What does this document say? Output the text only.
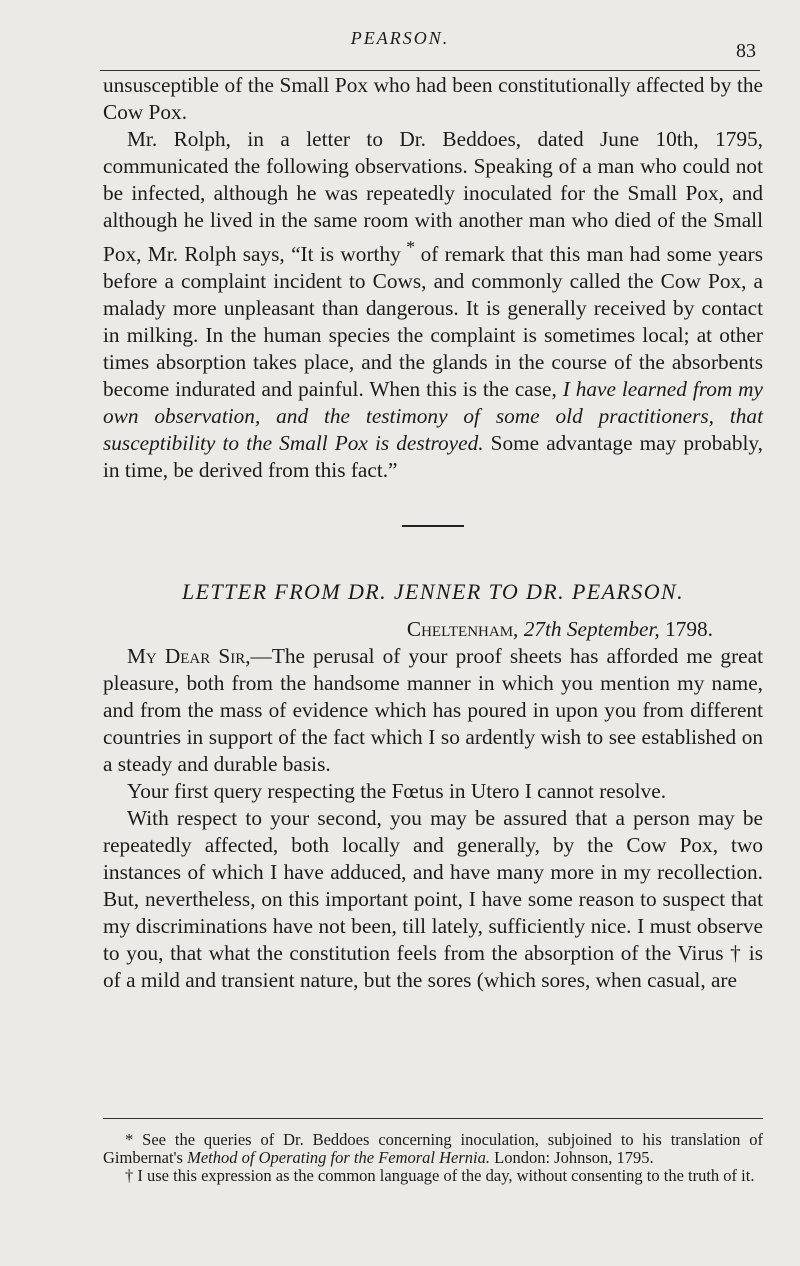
PEARSON.
83

unsusceptible of the Small Pox who had been constitutionally affected by the Cow Pox.

Mr. Rolph, in a letter to Dr. Beddoes, dated June 10th, 1795, communicated the following observations. Speaking of a man who could not be infected, although he was repeatedly inoculated for the Small Pox, and although he lived in the same room with another man who died of the Small Pox, Mr. Rolph says, “It is worthy * of remark that this man had some years before a complaint incident to Cows, and commonly called the Cow Pox, a malady more unpleasant than dangerous. It is generally received by contact in milking. In the human species the complaint is sometimes local; at other times absorption takes place, and the glands in the course of the absorbents become indurated and painful. When this is the case, I have learned from my own observation, and the testimony of some old practitioners, that susceptibility to the Small Pox is destroyed. Some advantage may probably, in time, be derived from this fact.”

LETTER FROM DR. JENNER TO DR. PEARSON.
Cheltenham, 27th September, 1798.

My Dear Sir,—The perusal of your proof sheets has afforded me great pleasure, both from the handsome manner in which you mention my name, and from the mass of evidence which has poured in upon you from different countries in support of the fact which I so ardently wish to see established on a steady and durable basis.

Your first query respecting the Fœtus in Utero I cannot resolve.

With respect to your second, you may be assured that a person may be repeatedly affected, both locally and generally, by the Cow Pox, two instances of which I have adduced, and have many more in my recollection. But, nevertheless, on this important point, I have some reason to suspect that my discriminations have not been, till lately, sufficiently nice. I must observe to you, that what the constitution feels from the absorption of the Virus † is of a mild and transient nature, but the sores (which sores, when casual, are

* See the queries of Dr. Beddoes concerning inoculation, subjoined to his translation of Gimbernat's Method of Operating for the Femoral Hernia. London: Johnson, 1795.

† I use this expression as the common language of the day, without consenting to the truth of it.
